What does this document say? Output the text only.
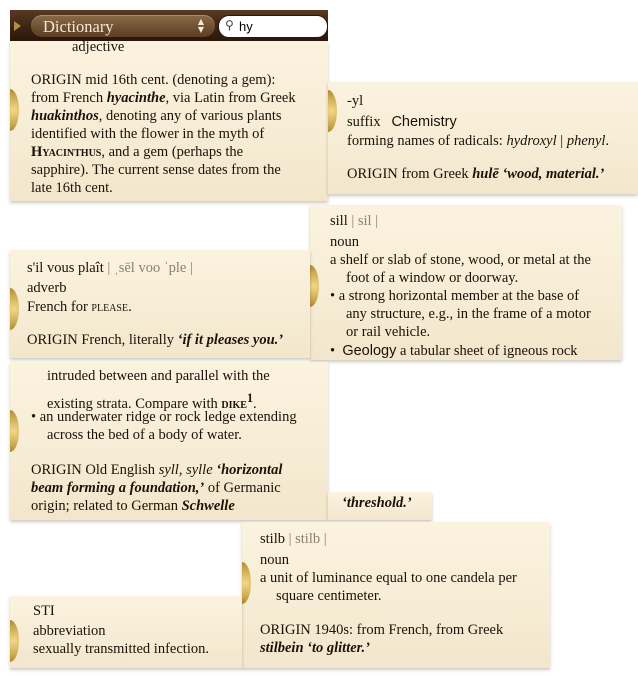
Dictionary	▲
▼ ⚲
hy
adjective
ORIGIN mid 16th cent. (denoting a gem):
from French hyacinthe, via Latin from Greek
huakinthos, denoting any of various plants
identified with the flower in the myth of
Hyacinthus, and a gem (perhaps the
sapphire). The current sense dates from the
late 16th cent.
-yl
suffix Chemistry
forming names of radicals: hydroxyl | phenyl.
ORIGIN from Greek hulē ‘wood, material.’
sill | sil |
noun
a shelf or slab of stone, wood, or metal at the
foot of a window or doorway.
• a strong horizontal member at the base of
any structure, e.g., in the frame of a motor
or rail vehicle.
• Geology a tabular sheet of igneous rock
s'il vous plaît | ˌsēl voo ˈple |
adverb
French for please.
ORIGIN French, literally ‘if it pleases you.’
intruded between and parallel with the
existing strata. Compare with dike$^1$.
• an underwater ridge or rock ledge extending
across the bed of a body of water.
ORIGIN Old English syll, sylle ‘horizontal
beam forming a foundation,’ of Germanic
origin; related to German Schwelle	‘threshold.’
stilb | stilb |
noun
a unit of luminance equal to one candela per
square centimeter.
ORIGIN 1940s: from French, from Greek
stilbein ‘to glitter.’
STI
abbreviation
sexually transmitted infection.
